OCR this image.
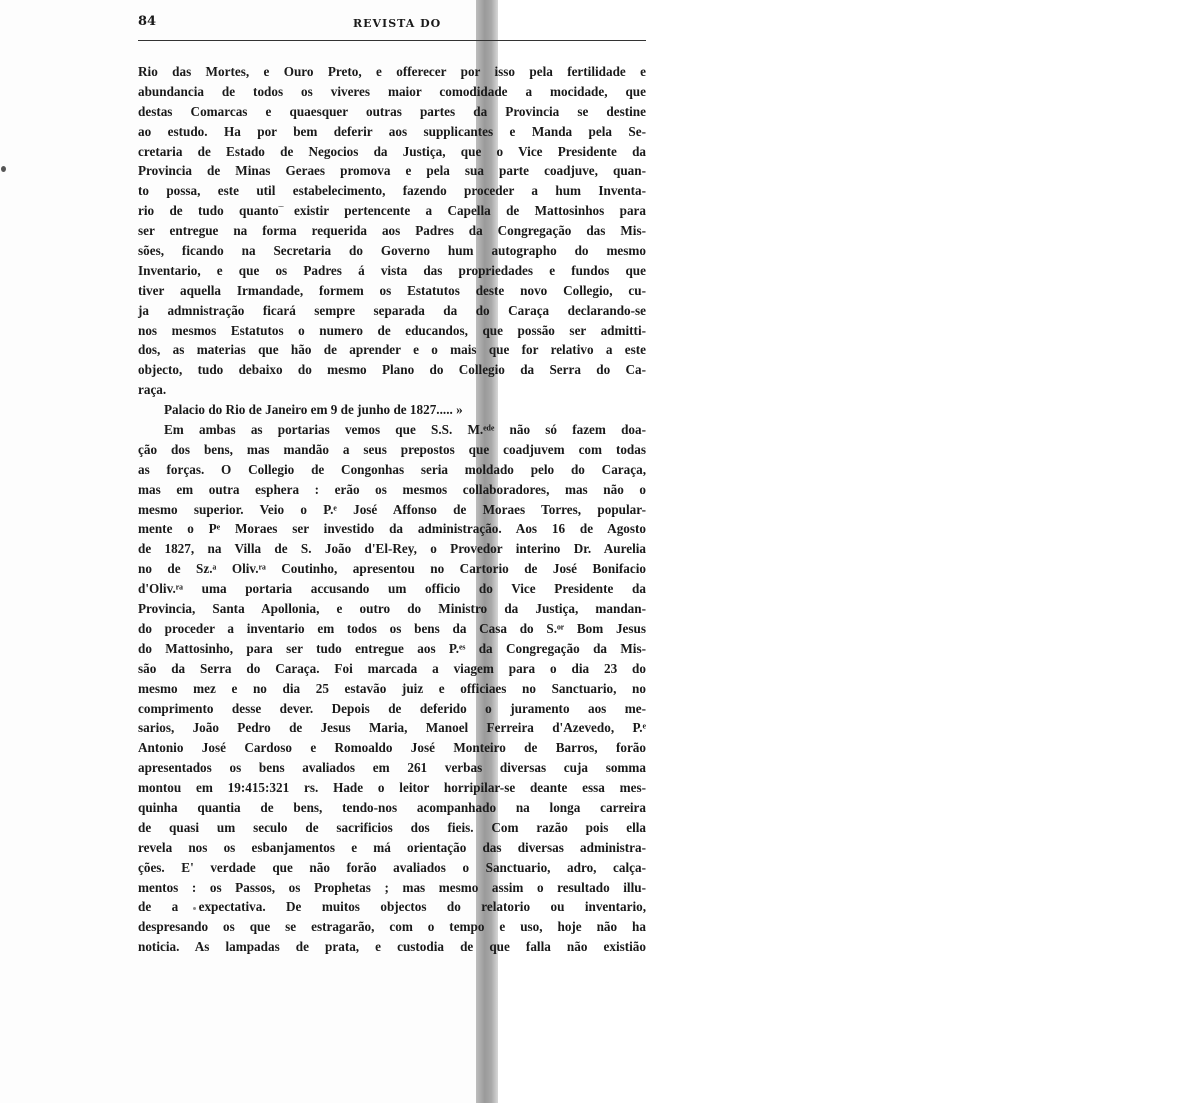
84	REVISTA DO
Rio das Mortes, e Ouro Preto, e offerecer por isso pela fertilidade e
abundancia de todos os viveres maior comodidade a mocidade, que
destas Comarcas e quaesquer outras partes da Provincia se destine
ao estudo. Ha por bem deferir aos supplicantes e Manda pela Se-
cretaria de Estado de Negocios da Justiça, que o Vice Presidente da
Provincia de Minas Geraes promova e pela sua parte coadjuve, quan-
to possa, este util estabelecimento, fazendo proceder a hum Inventa-
rio de tudo quanto existir pertencente a Capella de Mattosinhos para
ser entregue na forma requerida aos Padres da Congregação das Mis-
sões, ficando na Secretaria do Governo hum autographo do mesmo
Inventario, e que os Padres á vista das propriedades e fundos que
tiver aquella Irmandade, formem os Estatutos deste novo Collegio, cu-
ja admnistração ficará sempre separada da do Caraça declarando-se
nos mesmos Estatutos o numero de educandos, que possão ser admitti-
dos, as materias que hão de aprender e o mais que for relativo a este
objecto, tudo debaixo do mesmo Plano do Collegio da Serra do Ca-
raça.
Palacio do Rio de Janeiro em 9 de junho de 1827..... »
Em ambas as portarias vemos que S.S. M.ᵉᵈᵉ não só fazem doa-
ção dos bens, mas mandão a seus prepostos que coadjuvem com todas
as forças. O Collegio de Congonhas seria moldado pelo do Caraça,
mas em outra esphera : erão os mesmos collaboradores, mas não o
mesmo superior. Veio o P.ᵉ José Affonso de Moraes Torres, popular-
mente o Pᵉ Moraes ser investido da administração. Aos 16 de Agosto
de 1827, na Villa de S. João d'El-Rey, o Provedor interino Dr. Aurelia
no de Sz.ᵃ Oliv.ʳᵃ Coutinho, apresentou no Cartorio de José Bonifacio
d'Oliv.ʳᵃ uma portaria accusando um officio do Vice Presidente da
Provincia, Santa Apollonia, e outro do Ministro da Justiça, mandan-
do proceder a inventario em todos os bens da Casa do S.ᵒʳ Bom Jesus
do Mattosinho, para ser tudo entregue aos P.ᵉˢ da Congregação da Mis-
são da Serra do Caraça. Foi marcada a viagem para o dia 23 do
mesmo mez e no dia 25 estavão juiz e officiaes no Sanctuario, no
comprimento desse dever. Depois de deferido o juramento aos me-
sarios, João Pedro de Jesus Maria, Manoel Ferreira d'Azevedo, P.ᵉ
Antonio José Cardoso e Romoaldo José Monteiro de Barros, forão
apresentados os bens avaliados em 261 verbas diversas cuja somma
montou em 19:415:321 rs. Hade o leitor horripilar-se deante essa mes-
quinha quantia de bens, tendo-nos acompanhado na longa carreira
de quasi um seculo de sacrificios dos fieis. Com razão pois ella
revela nos os esbanjamentos e má orientação das diversas administra-
ções. E' verdade que não forão avaliados o Sanctuario, adro, calça-
mentos : os Passos, os Prophetas ; mas mesmo assim o resultado illu-
de a expectativa. De muitos objectos do relatorio ou inventario,
despresando os que se estragarão, com o tempo e uso, hoje não ha
noticia. As lampadas de prata, e custodia de que falla não existião
